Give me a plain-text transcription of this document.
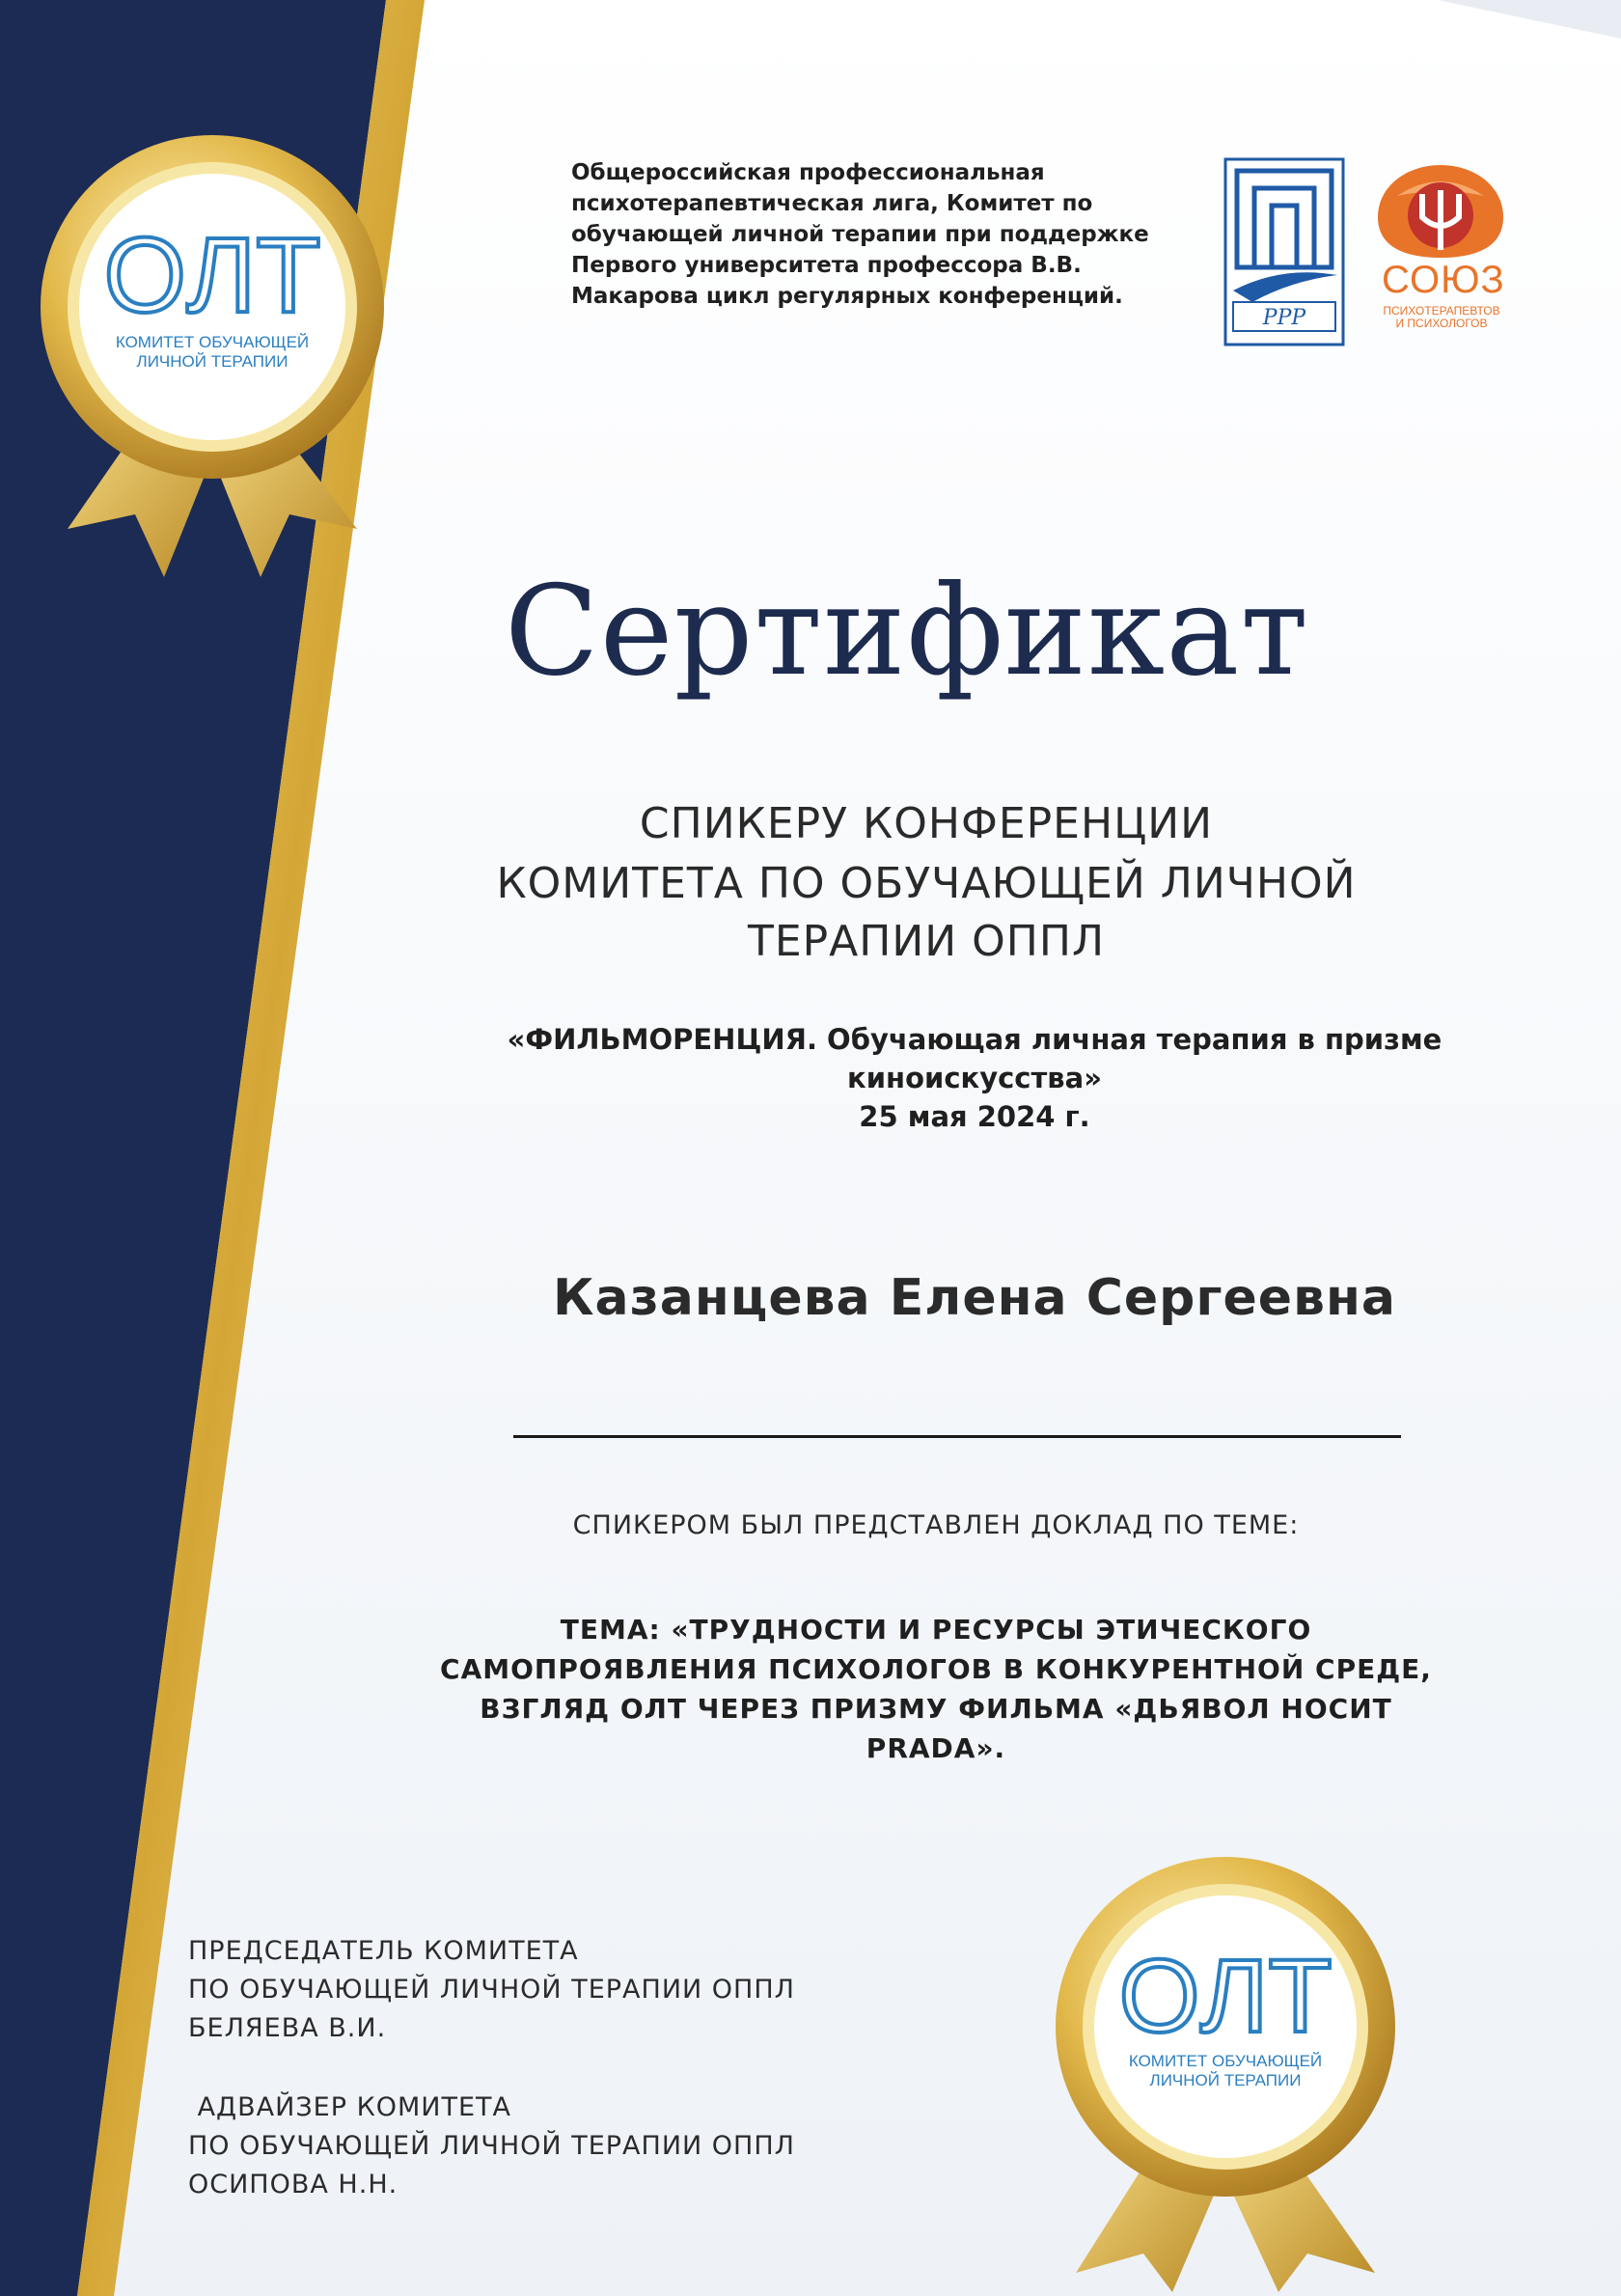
OЛT
КОМИТЕТ ОБУЧАЮЩЕЙ
ЛИЧНОЙ ТЕРАПИИ
Общероссийская профессиональная
психотерапевтическая лига, Комитет по
обучающей личной терапии при поддержке
Первого университета профессора В.В.
Макарова цикл регулярных конференций.
PPP
СОЮЗ
ПСИХОТЕРАПЕВТОВ
И ПСИХОЛОГОВ
Сертификат
СПИКЕРУ КОНФЕРЕНЦИИ
КОМИТЕТА ПО ОБУЧАЮЩЕЙ ЛИЧНОЙ
ТЕРАПИИ ОППЛ
«ФИЛЬМОРЕНЦИЯ. Обучающая личная терапия в призме
киноискусства»
25 мая 2024 г.
Казанцева Елена Сергеевна
СПИКЕРОМ БЫЛ ПРЕДСТАВЛЕН ДОКЛАД ПО ТЕМЕ:
ТЕМА: «ТРУДНОСТИ И РЕСУРСЫ ЭТИЧЕСКОГО
САМОПРОЯВЛЕНИЯ ПСИХОЛОГОВ В КОНКУРЕНТНОЙ СРЕДЕ,
ВЗГЛЯД ОЛТ ЧЕРЕЗ ПРИЗМУ ФИЛЬМА «ДЬЯВОЛ НОСИТ
PRADA».
ПРЕДСЕДАТЕЛЬ КОМИТЕТА
ПО ОБУЧАЮЩЕЙ ЛИЧНОЙ ТЕРАПИИ ОППЛ
БЕЛЯЕВА В.И.
АДВАЙЗЕР КОМИТЕТА
ПО ОБУЧАЮЩЕЙ ЛИЧНОЙ ТЕРАПИИ ОППЛ
ОСИПОВА Н.Н.
OЛT
КОМИТЕТ ОБУЧАЮЩЕЙ
ЛИЧНОЙ ТЕРАПИИ
